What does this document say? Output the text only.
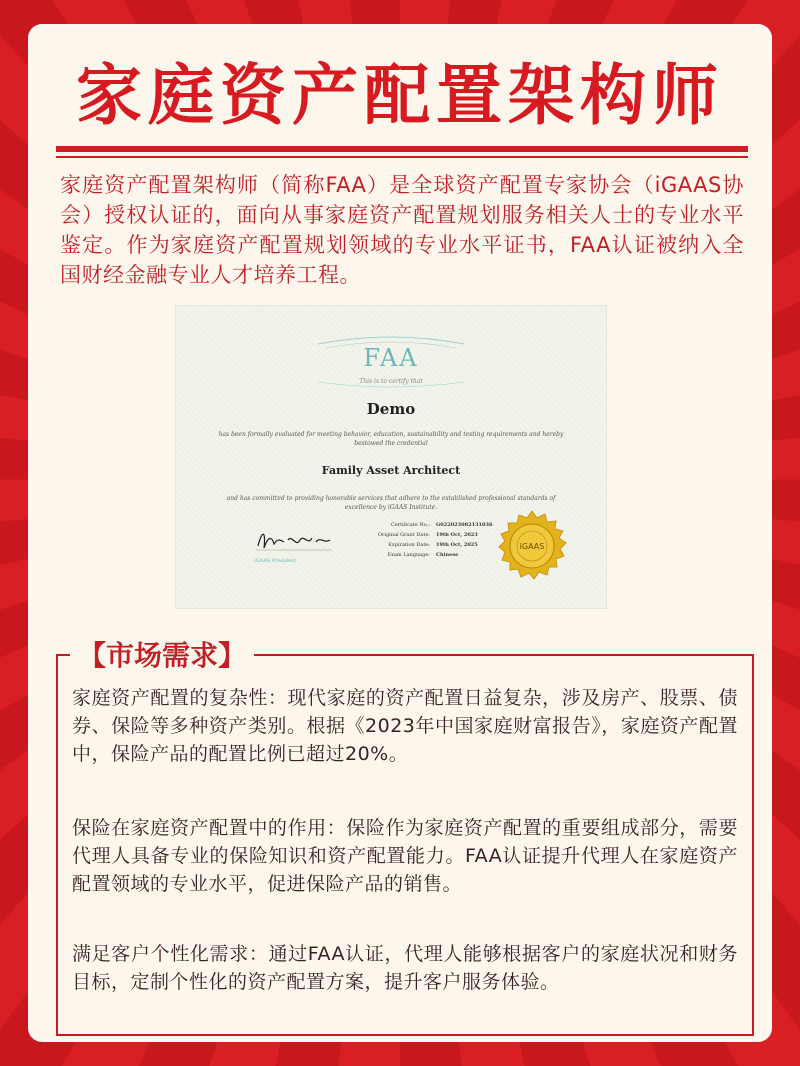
家庭资产配置架构师
家庭资产配置架构师（简称FAA）是全球资产配置专家协会（iGAAS协会）授权认证的，面向从事家庭资产配置规划服务相关人士的专业水平鉴定。作为家庭资产配置规划领域的专业水平证书，FAA认证被纳入全国财经金融专业人才培养工程。
FAA
This is to certify that
Demo
has been formally evaluated for meeting behavior, education, sustainability and testing requirements and hereby bestowed the credential
Family Asset Architect
and has committed to providing honorable services that adhere to the established professional standards of excellence by iGAAS Institute.
iGAAS President
Certificate No.: G022023082131036
Original Grant Date: 19th Oct, 2023
Expiration Date: 19th Oct, 2025
Exam Language: Chinese
iGAAS
【市场需求】
家庭资产配置的复杂性：现代家庭的资产配置日益复杂，涉及房产、股票、债券、保险等多种资产类别。根据《2023年中国家庭财富报告》，家庭资产配置中，保险产品的配置比例已超过20%。
保险在家庭资产配置中的作用：保险作为家庭资产配置的重要组成部分，需要代理人具备专业的保险知识和资产配置能力。FAA认证提升代理人在家庭资产配置领域的专业水平，促进保险产品的销售。
满足客户个性化需求：通过FAA认证，代理人能够根据客户的家庭状况和财务目标，定制个性化的资产配置方案，提升客户服务体验。
